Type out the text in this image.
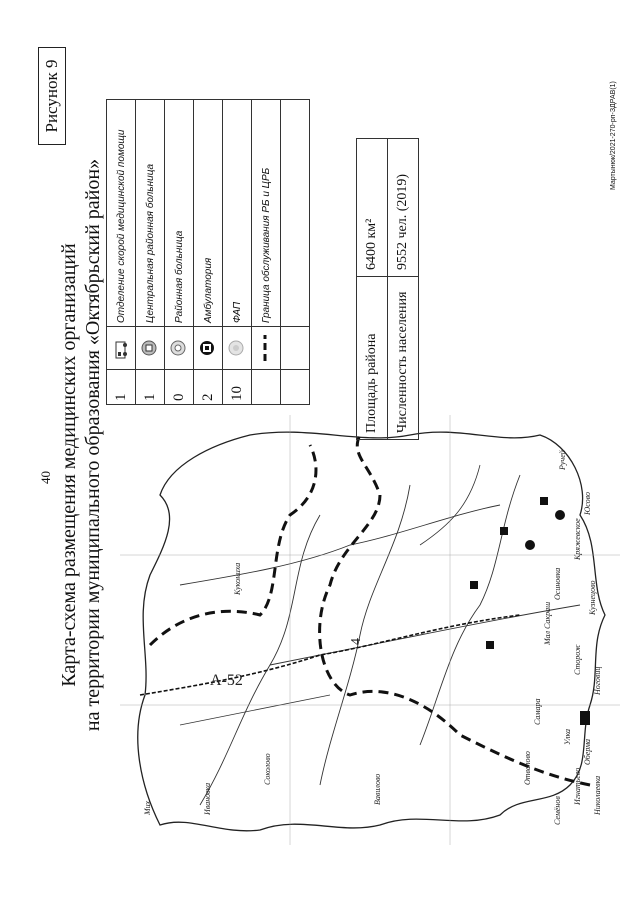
40
Рисунок 9
Карта-схема размещения медицинских организаций на территории муниципального образования «Октябрьский район»	А-52
4
Самара
Мал Сакраш
Осиновка
Ручей
Отвалово
Кряжевское
Игнатьево
Оберма
Кузнецово
Ивановка	Семёнов	Николаевка
Ноговиц
Соколово
Кукомиха
Улка
Сторож
Юсово
Вавилово
Мих
1		Отделение скорой медицинской помощи
1		Центральная районная больница
0		Районная больница
2		Амбулатория
10		ФАП
		Граница обслуживания РБ и ЦРБ

Площадь района	6400 км²
Численность населения	9552 чел. (2019)
Мартынюк/2021-270-рп-ЗДРАВ(1)
